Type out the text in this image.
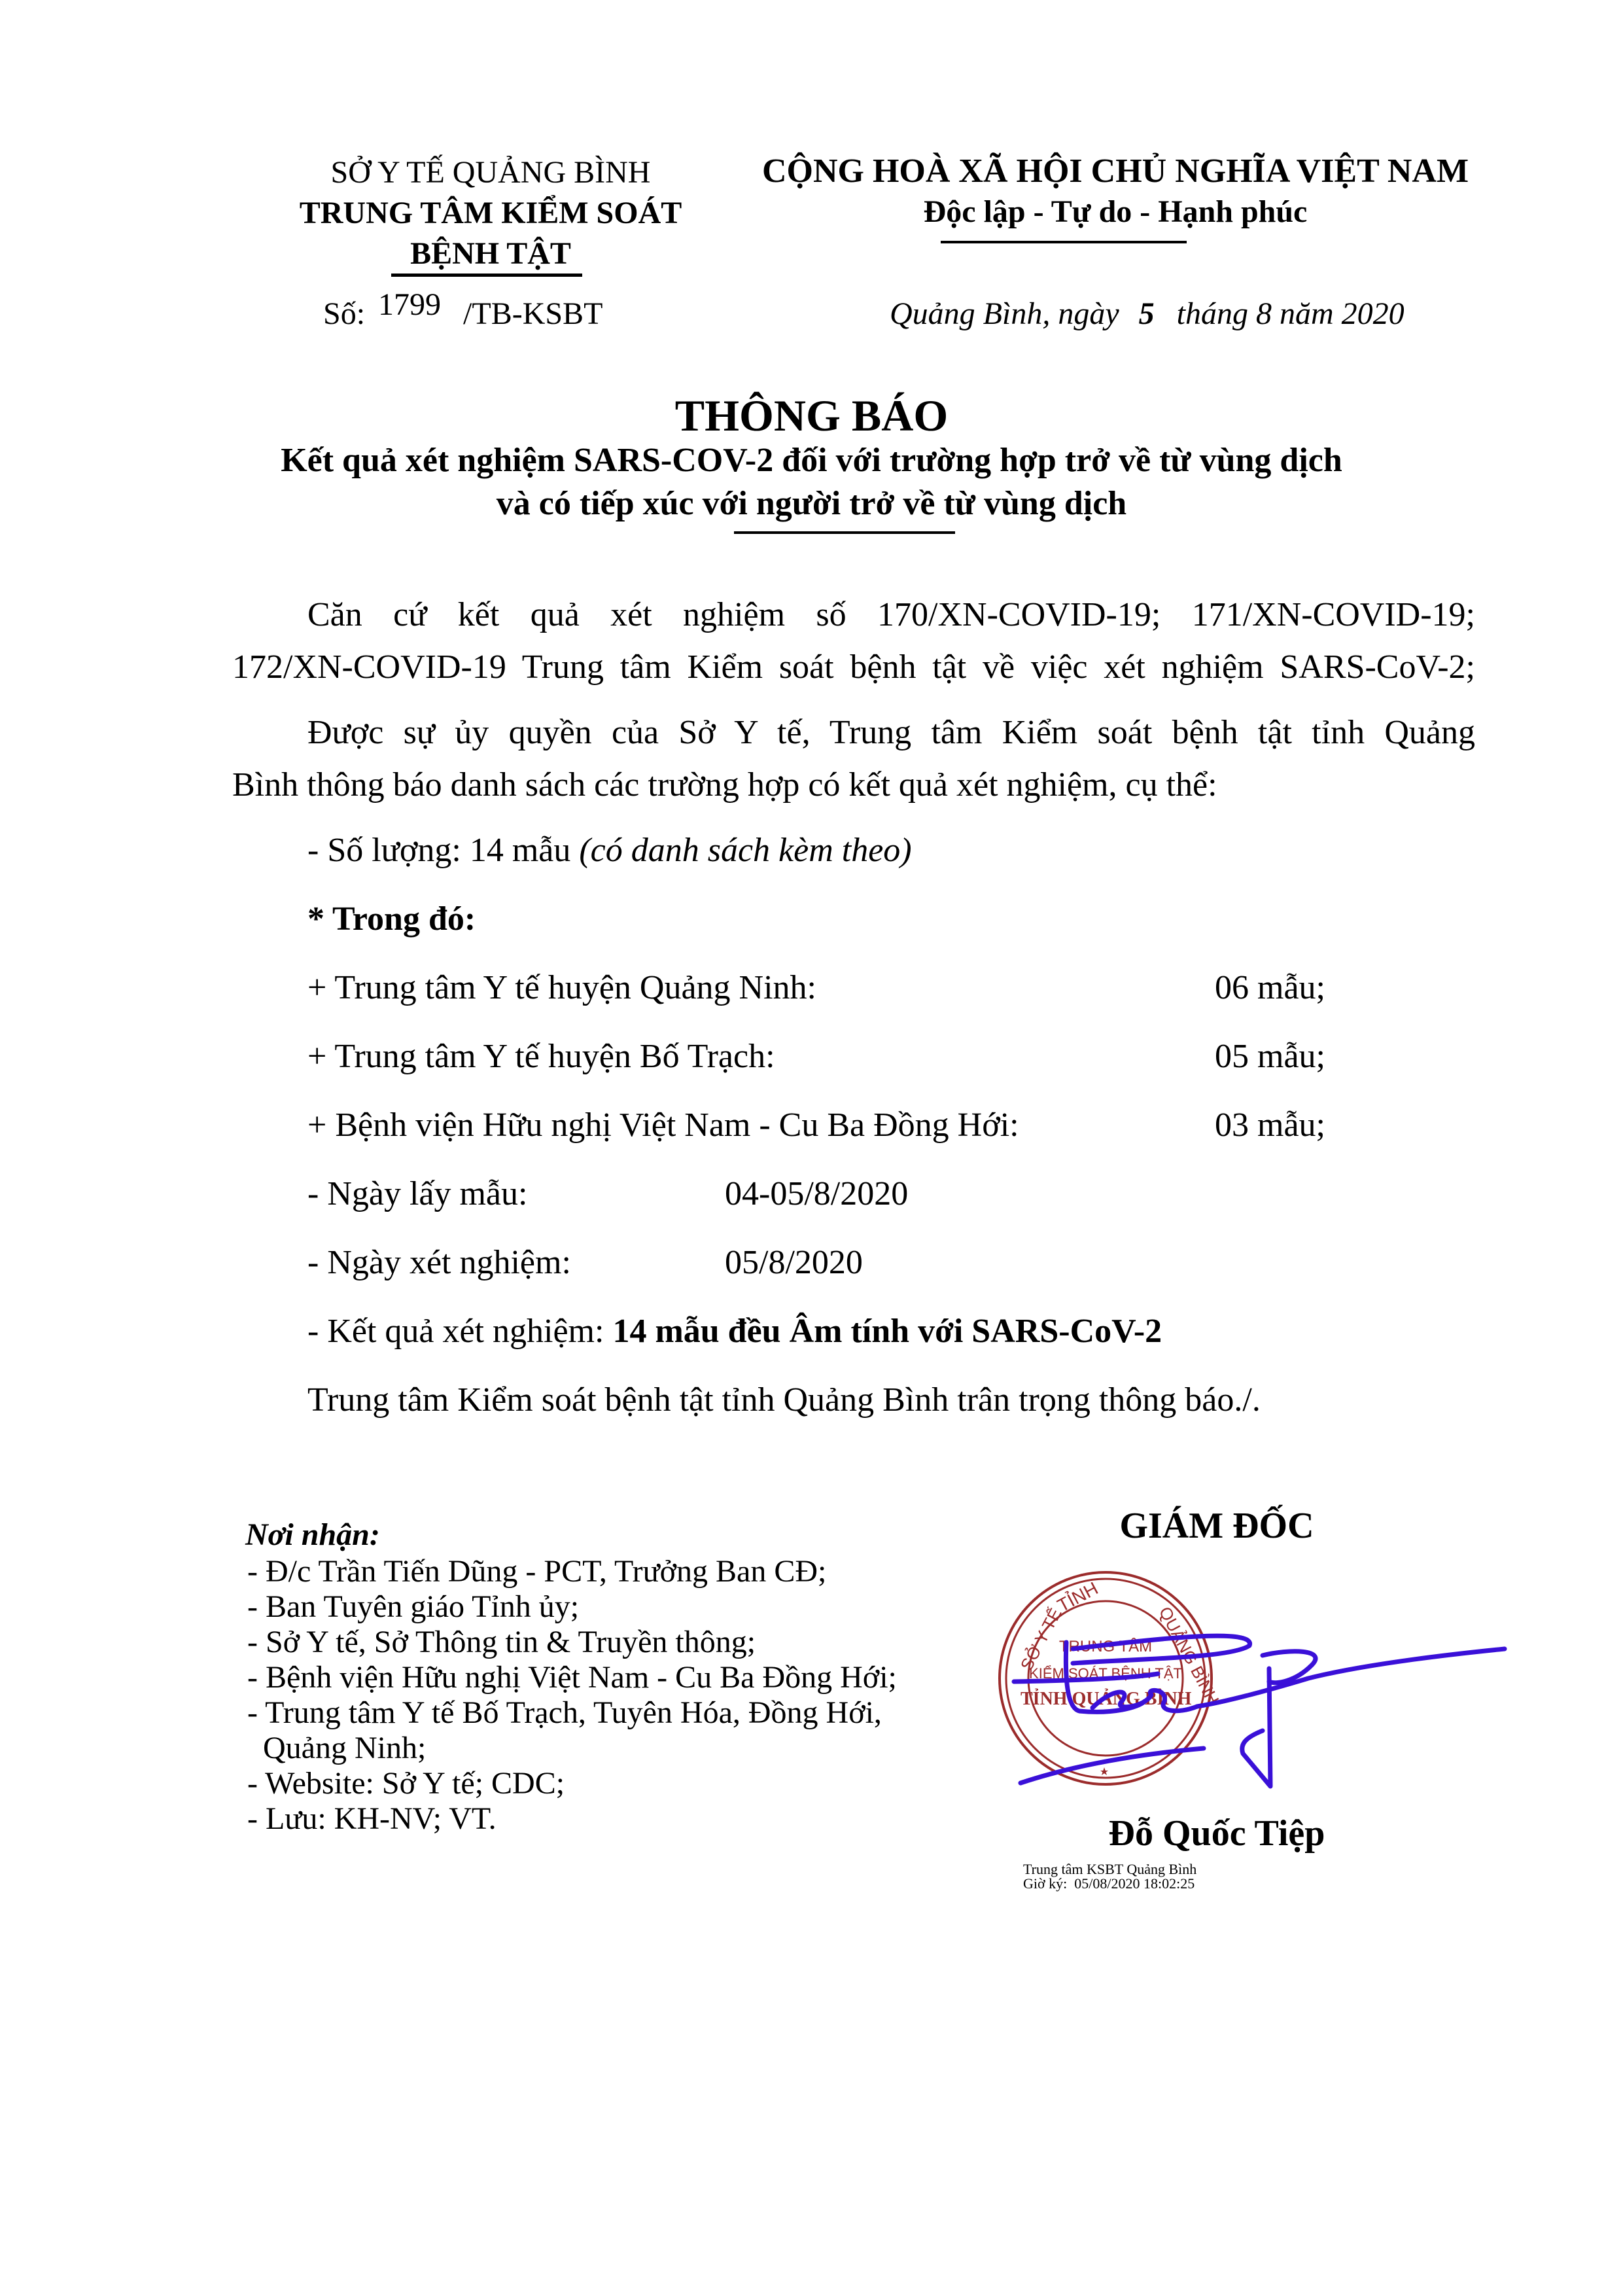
SỞ Y TẾ QUẢNG BÌNH
TRUNG TÂM KIỂM SOÁT
BỆNH TẬT
Số: 1799 /TB-KSBT
CỘNG HOÀ XÃ HỘI CHỦ NGHĨA VIỆT NAM
Độc lập - Tự do - Hạnh phúc
Quảng Bình, ngày 5 tháng 8 năm 2020
THÔNG BÁO
Kết quả xét nghiệm SARS-COV-2 đối với trường hợp trở về từ vùng dịch
và có tiếp xúc với người trở về từ vùng dịch
Căn cứ kết quả xét nghiệm số 170/XN-COVID-19; 171/XN-COVID-19;
172/XN-COVID-19 Trung tâm Kiểm soát bệnh tật về việc xét nghiệm SARS-CoV-2;
Được sự ủy quyền của Sở Y tế, Trung tâm Kiểm soát bệnh tật tỉnh Quảng
Bình thông báo danh sách các trường hợp có kết quả xét nghiệm, cụ thể:
- Số lượng: 14 mẫu (có danh sách kèm theo)
* Trong đó:
+ Trung tâm Y tế huyện Quảng Ninh:	06 mẫu;
+ Trung tâm Y tế huyện Bố Trạch:	05 mẫu;
+ Bệnh viện Hữu nghị Việt Nam - Cu Ba Đồng Hới:	03 mẫu;
- Ngày lấy mẫu:	04-05/8/2020
- Ngày xét nghiệm:	05/8/2020
- Kết quả xét nghiệm: 14 mẫu đều Âm tính với SARS-CoV-2
Trung tâm Kiểm soát bệnh tật tỉnh Quảng Bình trân trọng thông báo./.
Nơi nhận:
- Đ/c Trần Tiến Dũng - PCT, Trưởng Ban CĐ;
- Ban Tuyên giáo Tỉnh ủy;
- Sở Y tế, Sở Thông tin & Truyền thông;
- Bệnh viện Hữu nghị Việt Nam - Cu Ba Đồng Hới;
- Trung tâm Y tế Bố Trạch, Tuyên Hóa, Đồng Hới,
Quảng Ninh;
- Website: Sở Y tế; CDC;
- Lưu: KH-NV; VT.
GIÁM ĐỐC
SỞ Y TẾ
TỈNH
QUẢNG BÌNH
TRUNG TÂM
KIỂM SOÁT BỆNH TẬT
TỈNH QUẢNG BÌNH
Đỗ Quốc Tiệp
Trung tâm KSBT Quảng Bình
Giờ ký:  05/08/2020 18:02:25
